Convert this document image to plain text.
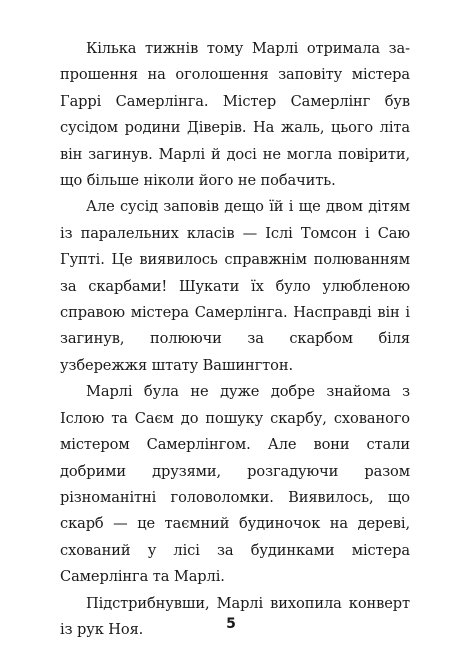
Кілька тижнів тому Марлі отримала запрошення на оголошення заповіту містера Гаррі Самерлінга. Містер Самерлінг був сусідом родини Діверів. На жаль, цього літа він загинув. Марлі й досі не могла повірити, що більше ніколи його не побачить.

Але сусід заповів дещо їй і ще двом дітям із паралельних класів — Іслі Томсон і Саю Гупті. Це виявилось справжнім полюванням за скарбами! Шукати їх було улюбленою справою містера Самерлінга. Насправді він і загинув, полюючи за скарбом біля узбережжя штату Вашингтон.

Марлі була не дуже добре знайома з Іслою та Саєм до пошуку скарбу, схованого містером Самерлінгом. Але вони стали добрими друзями, розгадуючи разом різноманітні головоломки. Виявилось, що скарб — це таємний будиночок на дереві, схований у лісі за будинками містера Самерлінга та Марлі.

Підстрибнувши, Марлі вихопила конверт із рук Ноя.	5
